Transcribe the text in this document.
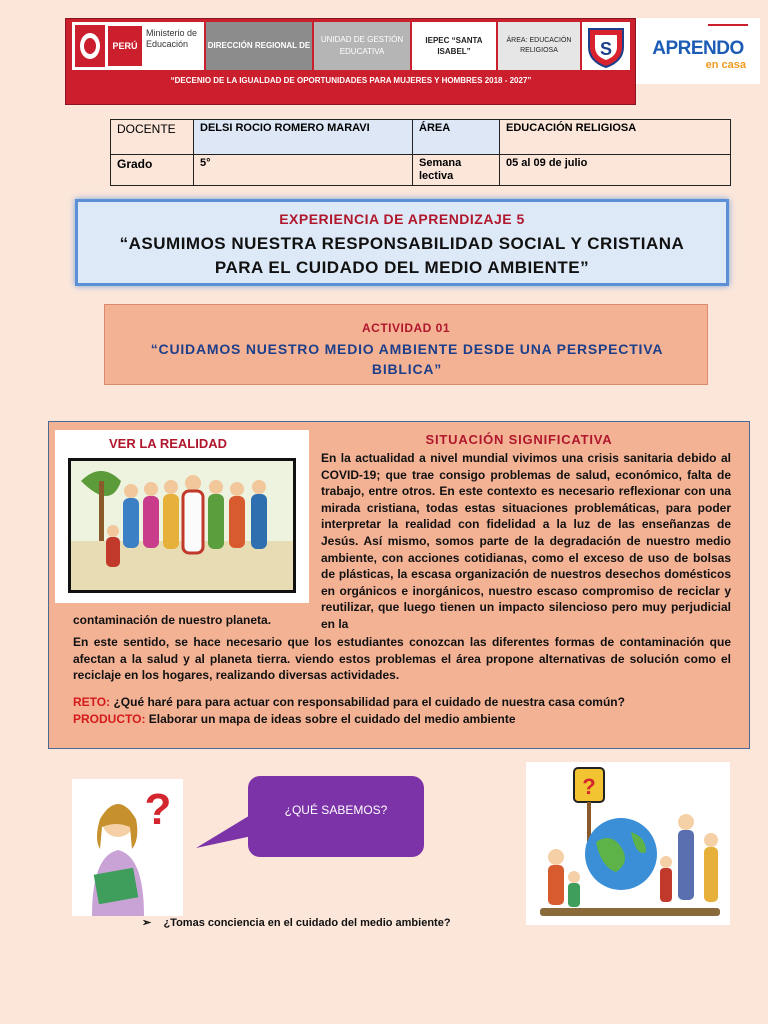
PERÚ
Ministerio de Educación	DIRECCIÓN REGIONAL DE
UNIDAD DE GESTIÓN EDUCATIVA
IEPEC “SANTA ISABEL”
ÁREA: EDUCACIÓN RELIGIOSA	S
“DECENIO DE LA IGUALDAD DE OPORTUNIDADES PARA MUJERES Y HOMBRES 2018 - 2027”
APRENDO
en casa
DOCENTE	DELSI ROCIO ROMERO MARAVI	ÁREA	EDUCACIÓN RELIGIOSA
Grado	5°	Semana lectiva	05 al 09 de julio
EXPERIENCIA DE APRENDIZAJE 5
“ASUMIMOS NUESTRA RESPONSABILIDAD SOCIAL Y CRISTIANA PARA EL CUIDADO DEL MEDIO AMBIENTE”
ACTIVIDAD 01
“CUIDAMOS NUESTRO MEDIO AMBIENTE DESDE UNA PERSPECTIVA BIBLICA”
VER LA REALIDAD	SITUACIÓN SIGNIFICATIVA
En la actualidad a nivel mundial vivimos una crisis sanitaria debido al COVID-19; que trae consigo problemas de salud, económico, falta de trabajo, entre otros. En este contexto es necesario reflexionar con una mirada cristiana, todas estas situaciones problemáticas, para poder interpretar la realidad con fidelidad a la luz de las enseñanzas de Jesús. Así mismo, somos parte de la degradación de nuestro medio ambiente, con acciones cotidianas, como el exceso de uso de bolsas de plásticas, la escasa organización de nuestros desechos domésticos en orgánicos e inorgánicos, nuestro escaso compromiso de reciclar y reutilizar, que luego tienen un impacto silencioso pero muy perjudicial en la
contaminación de nuestro planeta.
En este sentido, se hace necesario que los estudiantes conozcan las diferentes formas de contaminación que afectan a la salud y al planeta tierra. viendo estos problemas el área propone alternativas de solución como el reciclaje en los hogares, realizando diversas actividades.
RETO: ¿Qué haré para para actuar con responsabilidad para el cuidado de nuestra casa común?
PRODUCTO: Elaborar un mapa de ideas sobre el cuidado del medio ambiente
?	¿QUÉ SABEMOS?
?
➢ ¿Tomas conciencia en el cuidado del medio ambiente?
